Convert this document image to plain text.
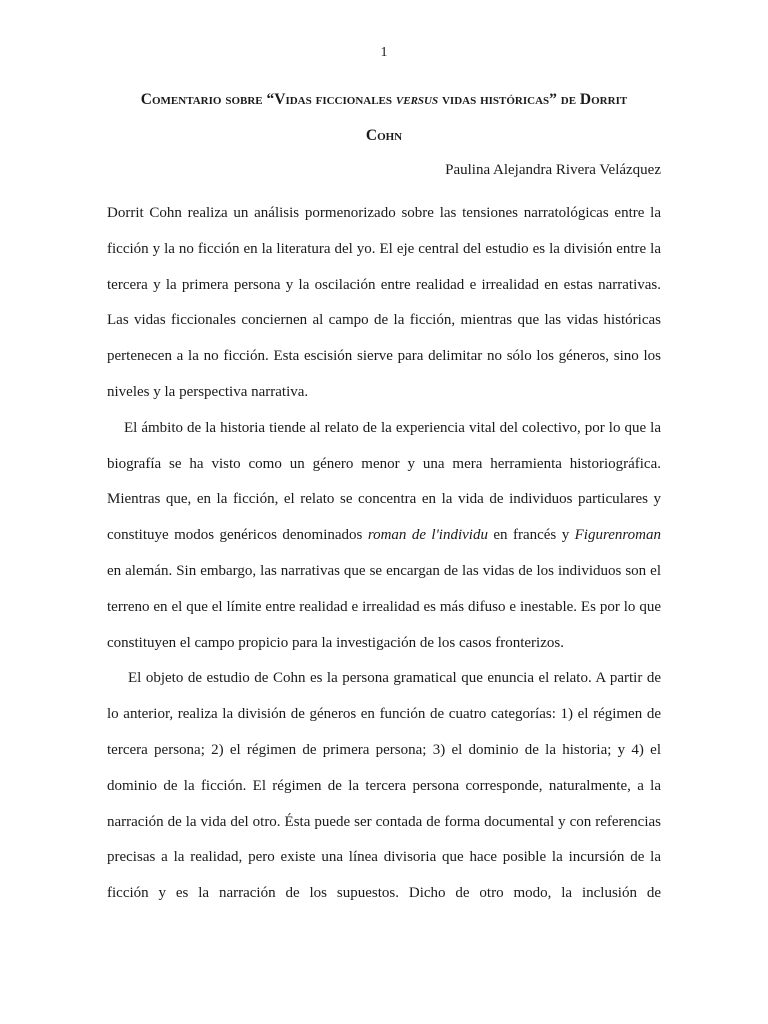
1
Comentario sobre “Vidas ficcionales versus vidas históricas” de Dorrit
Cohn
Paulina Alejandra Rivera Velázquez

Dorrit Cohn realiza un análisis pormenorizado sobre las tensiones narratológicas entre la ficción y la no ficción en la literatura del yo. El eje central del estudio es la división entre la tercera y la primera persona y la oscilación entre realidad e irrealidad en estas narrativas. Las vidas ficcionales conciernen al campo de la ficción, mientras que las vidas históricas pertenecen a la no ficción. Esta escisión sierve para delimitar no sólo los géneros, sino los niveles y la perspectiva narrativa.

El ámbito de la historia tiende al relato de la experiencia vital del colectivo, por lo que la biografía se ha visto como un género menor y una mera herramienta historiográfica. Mientras que, en la ficción, el relato se concentra en la vida de individuos particulares y constituye modos genéricos denominados roman de l'individu en francés y Figurenroman en alemán. Sin embargo, las narrativas que se encargan de las vidas de los individuos son el terreno en el que el límite entre realidad e irrealidad es más difuso e inestable. Es por lo que constituyen el campo propicio para la investigación de los casos fronterizos.

El objeto de estudio de Cohn es la persona gramatical que enuncia el relato. A partir de lo anterior, realiza la división de géneros en función de cuatro categorías: 1) el régimen de tercera persona; 2) el régimen de primera persona; 3) el dominio de la historia; y 4) el dominio de la ficción. El régimen de la tercera persona corresponde, naturalmente, a la narración de la vida del otro. Ésta puede ser contada de forma documental y con referencias precisas a la realidad, pero existe una línea divisoria que hace posible la incursión de la ficción y es la narración de los supuestos. Dicho de otro modo, la inclusión de
